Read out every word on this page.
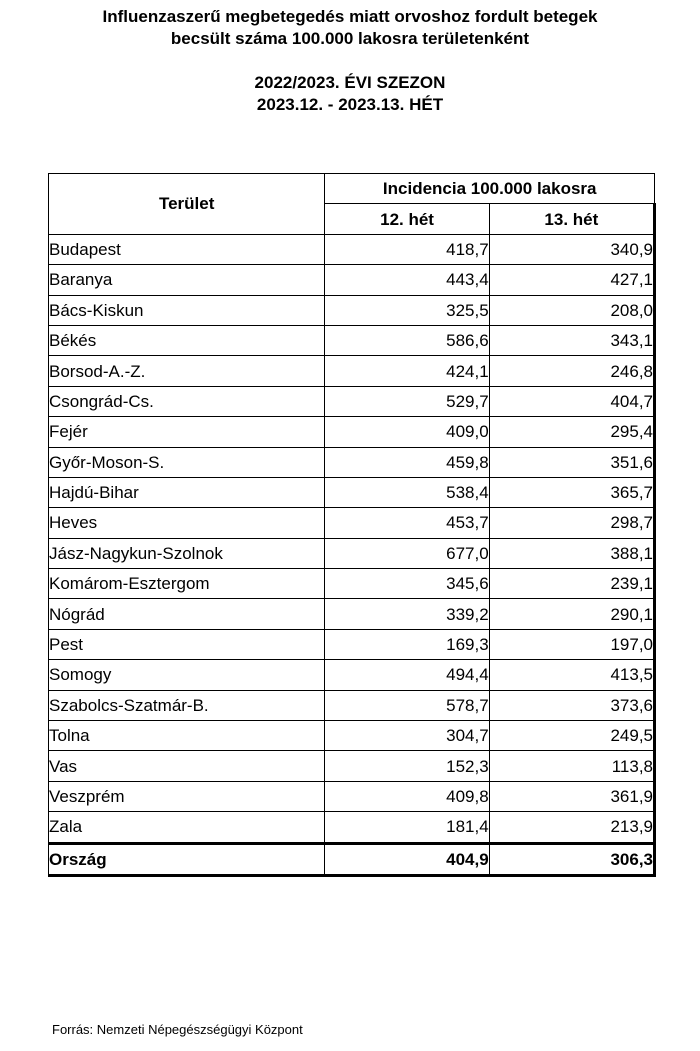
Influenzaszerű megbetegedés miatt orvoshoz fordult betegek
becsült száma 100.000 lakosra területenként
2022/2023. ÉVI SZEZON
2023.12. - 2023.13. HÉT
Terület	Incidencia 100.000 lakosra	
	12. hét	13. hét
Budapest	418,7	340,9
Baranya	443,4	427,1
Bács-Kiskun	325,5	208,0
Békés	586,6	343,1
Borsod-A.-Z.	424,1	246,8
Csongrád-Cs.	529,7	404,7
Fejér	409,0	295,4
Győr-Moson-S.	459,8	351,6
Hajdú-Bihar	538,4	365,7
Heves	453,7	298,7
Jász-Nagykun-Szolnok	677,0	388,1
Komárom-Esztergom	345,6	239,1
Nógrád	339,2	290,1
Pest	169,3	197,0
Somogy	494,4	413,5
Szabolcs-Szatmár-B.	578,7	373,6
Tolna	304,7	249,5
Vas	152,3	113,8
Veszprém	409,8	361,9
Zala	181,4	213,9
Ország	404,9	306,3
Forrás: Nemzeti Népegészségügyi Központ
